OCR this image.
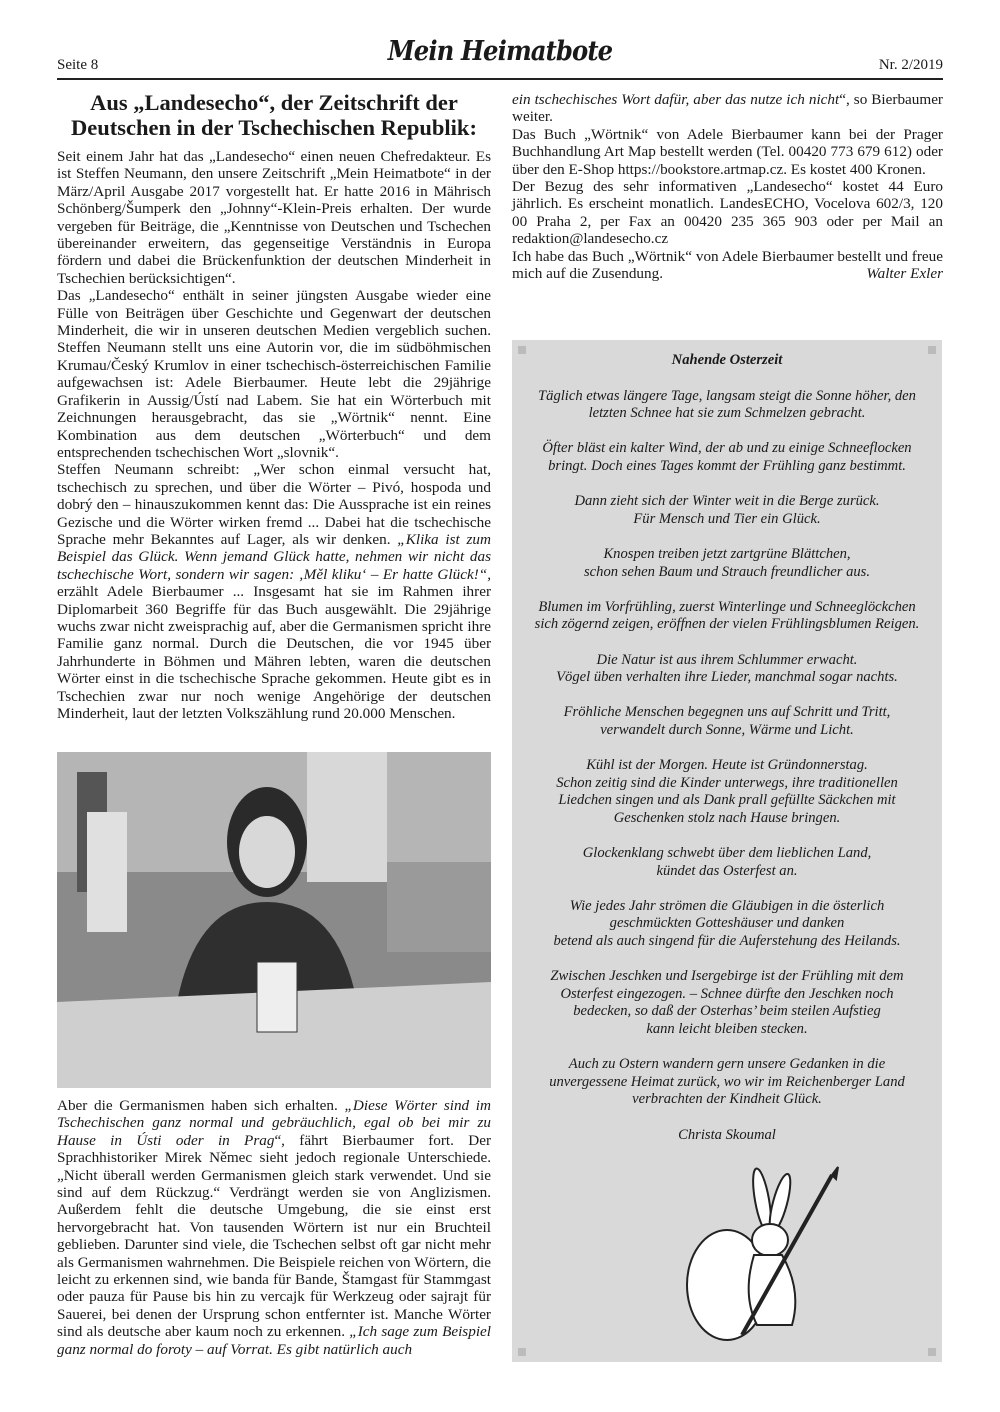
Seite 8	Mein Heimatbote	Nr. 2/2019
Aus „Landesecho“, der Zeitschrift der
Deutschen in der Tschechischen Republik:

Seit einem Jahr hat das „Landesecho“ einen neuen Chefredakteur. Es ist Steffen Neumann, den unsere Zeitschrift „Mein Heimatbote“ in der März/April Ausgabe 2017 vorgestellt hat. Er hatte 2016 in Mährisch Schönberg/Šumperk den „Johnny“-Klein-Preis erhalten. Der wurde vergeben für Beiträge, die „Kenntnisse von Deutschen und Tschechen übereinander erweitern, das gegenseitige Verständnis in Europa fördern und dabei die Brückenfunktion der deutschen Minderheit in Tschechien berücksichtigen“.

Das „Landesecho“ enthält in seiner jüngsten Ausgabe wieder eine Fülle von Beiträgen über Geschichte und Gegenwart der deutschen Minderheit, die wir in unseren deutschen Medien vergeblich suchen. Steffen Neumann stellt uns eine Autorin vor, die im südböhmischen Krumau/Český Krumlov in einer tschechisch-österreichischen Familie aufgewachsen ist: Adele Bierbaumer. Heute lebt die 29jährige Grafikerin in Aussig/Ústí nad Labem. Sie hat ein Wörterbuch mit Zeichnungen herausgebracht, das sie „Wörtnik“ nennt. Eine Kombination aus dem deutschen „Wörterbuch“ und dem entsprechenden tschechischen Wort „slovnik“.

Steffen Neumann schreibt: „Wer schon einmal versucht hat, tschechisch zu sprechen, und über die Wörter – Pivó, hospoda und dobrý den – hinauszukommen kennt das: Die Aussprache ist ein reines Gezische und die Wörter wirken fremd ... Dabei hat die tschechische Sprache mehr Bekanntes auf Lager, als wir denken. „Klika ist zum Beispiel das Glück. Wenn jemand Glück hatte, nehmen wir nicht das tschechische Wort, sondern wir sagen: ‚Měl kliku‘ – Er hatte Glück!“, erzählt Adele Bierbaumer ... Insgesamt hat sie im Rahmen ihrer Diplomarbeit 360 Begriffe für das Buch ausgewählt. Die 29jährige wuchs zwar nicht zweisprachig auf, aber die Germanismen spricht ihre Familie ganz normal. Durch die Deutschen, die vor 1945 über Jahrhunderte in Böhmen und Mähren lebten, waren die deutschen Wörter einst in die tschechische Sprache gekommen. Heute gibt es in Tschechien zwar nur noch wenige Angehörige der deutschen Minderheit, laut der letzten Volkszählung rund 20.000 Menschen.

Aber die Germanismen haben sich erhalten. „Diese Wörter sind im Tschechischen ganz normal und gebräuchlich, egal ob bei mir zu Hause in Ústi oder in Prag“, fährt Bierbaumer fort. Der Sprachhistoriker Mirek Němec sieht jedoch regionale Unterschiede. „Nicht überall werden Germanismen gleich stark verwendet. Und sie sind auf dem Rückzug.“ Verdrängt werden sie von Anglizismen. Außerdem fehlt die deutsche Umgebung, die sie einst erst hervorgebracht hat. Von tausenden Wörtern ist nur ein Bruchteil geblieben. Darunter sind viele, die Tschechen selbst oft gar nicht mehr als Germanismen wahrnehmen. Die Beispiele reichen von Wörtern, die leicht zu erkennen sind, wie banda für Bande, Štamgast für Stammgast oder pauza für Pause bis hin zu vercajk für Werkzeug oder sajrajt für Sauerei, bei denen der Ursprung schon entfernter ist. Manche Wörter sind als deutsche aber kaum noch zu erkennen. „Ich sage zum Beispiel ganz normal do foroty – auf Vorrat. Es gibt natürlich auch

ein tschechisches Wort dafür, aber das nutze ich nicht“, so Bierbaumer weiter.

Das Buch „Wörtnik“ von Adele Bierbaumer kann bei der Prager Buchhandlung Art Map bestellt werden (Tel. 00420 773 679 612) oder über den E-Shop https://bookstore.artmap.cz. Es kostet 400 Kronen.

Der Bezug des sehr informativen „Landesecho“ kostet 44 Euro jährlich. Es erscheint monatlich. LandesECHO, Vocelova 602/3, 120 00 Praha 2, per Fax an 00420 235 365 903 oder per Mail an redaktion@landesecho.cz

Ich habe das Buch „Wörtnik“ von Adele Bierbaumer bestellt und freue mich auf die Zusendung.	Walter Exler

Nahende Osterzeit

Täglich etwas längere Tage, langsam steigt die Sonne höher, den
letzten Schnee hat sie zum Schmelzen gebracht.

Öfter bläst ein kalter Wind, der ab und zu einige Schneeflocken
bringt. Doch eines Tages kommt der Frühling ganz bestimmt.

Dann zieht sich der Winter weit in die Berge zurück.
Für Mensch und Tier ein Glück.

Knospen treiben jetzt zartgrüne Blättchen,
schon sehen Baum und Strauch freundlicher aus.

Blumen im Vorfrühling, zuerst Winterlinge und Schneeglöckchen
sich zögernd zeigen, eröffnen der vielen Frühlingsblumen Reigen.

Die Natur ist aus ihrem Schlummer erwacht.
Vögel üben verhalten ihre Lieder, manchmal sogar nachts.

Fröhliche Menschen begegnen uns auf Schritt und Tritt,
verwandelt durch Sonne, Wärme und Licht.

Kühl ist der Morgen. Heute ist Gründonnerstag.
Schon zeitig sind die Kinder unterwegs, ihre traditionellen
Liedchen singen und als Dank prall gefüllte Säckchen mit
Geschenken stolz nach Hause bringen.

Glockenklang schwebt über dem lieblichen Land,
kündet das Osterfest an.

Wie jedes Jahr strömen die Gläubigen in die österlich
geschmückten Gotteshäuser und danken
betend als auch singend für die Auferstehung des Heilands.

Zwischen Jeschken und Isergebirge ist der Frühling mit dem
Osterfest eingezogen. – Schnee dürfte den Jeschken noch
bedecken, so daß der Osterhas’ beim steilen Aufstieg
kann leicht bleiben stecken.

Auch zu Ostern wandern gern unsere Gedanken in die
unvergessene Heimat zurück, wo wir im Reichenberger Land
verbrachten der Kindheit Glück.

Christa Skoumal
